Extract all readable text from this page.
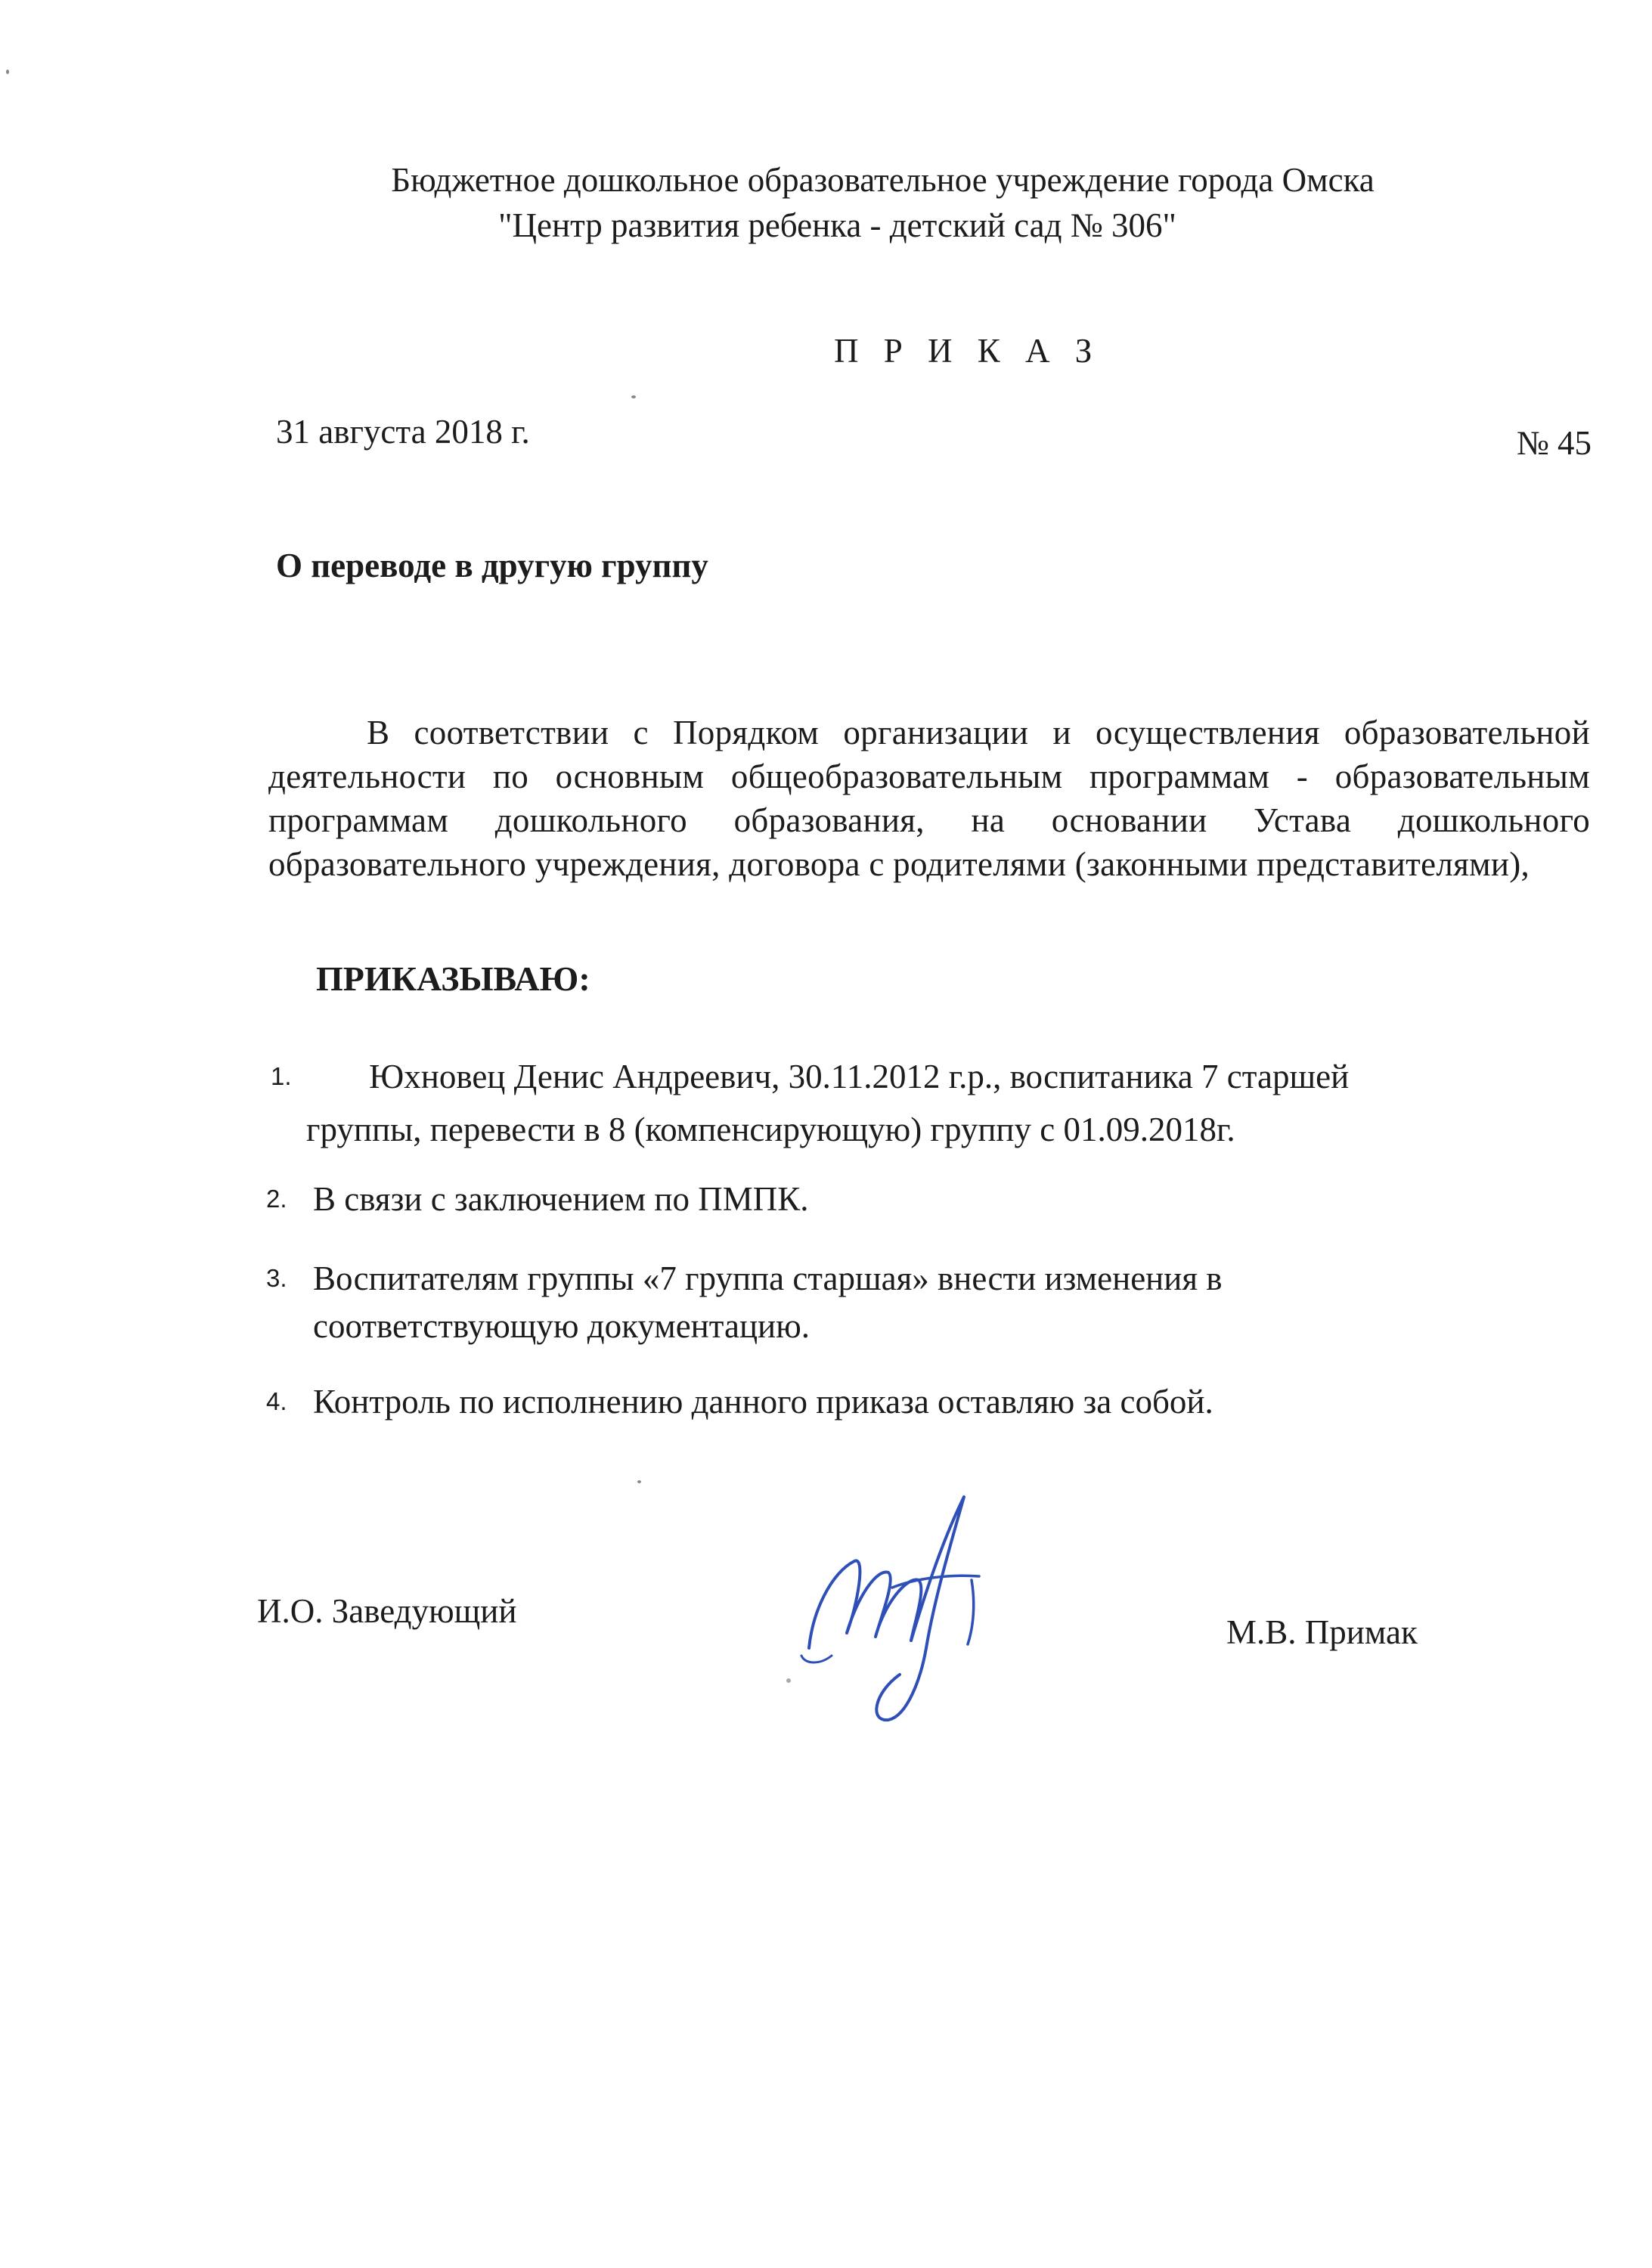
Бюджетное дошкольное образовательное учреждение города Омска
"Центр развития ребенка - детский сад № 306"
П Р И К А З
31 августа 2018 г.	№ 45
О переводе в другую группу
В соответствии с Порядком организации и осуществления образовательной деятельности по основным общеобразовательным программам - образовательным программам дошкольного образования, на основании Устава дошкольного образовательного учреждения, договора с родителями (законными представителями),
ПРИКАЗЫВАЮ:
1. Юхновец Денис Андреевич, 30.11.2012 г.р., воспитаника 7 старшей
группы, перевести в 8 (компенсирующую) группу с 01.09.2018г.
2. В связи с заключением по ПМПК.
3. Воспитателям группы «7 группа старшая» внести изменения в
соответствующую документацию.
4. Контроль по исполнению данного приказа оставляю за собой.
И.О. Заведующий
М.В. Примак
